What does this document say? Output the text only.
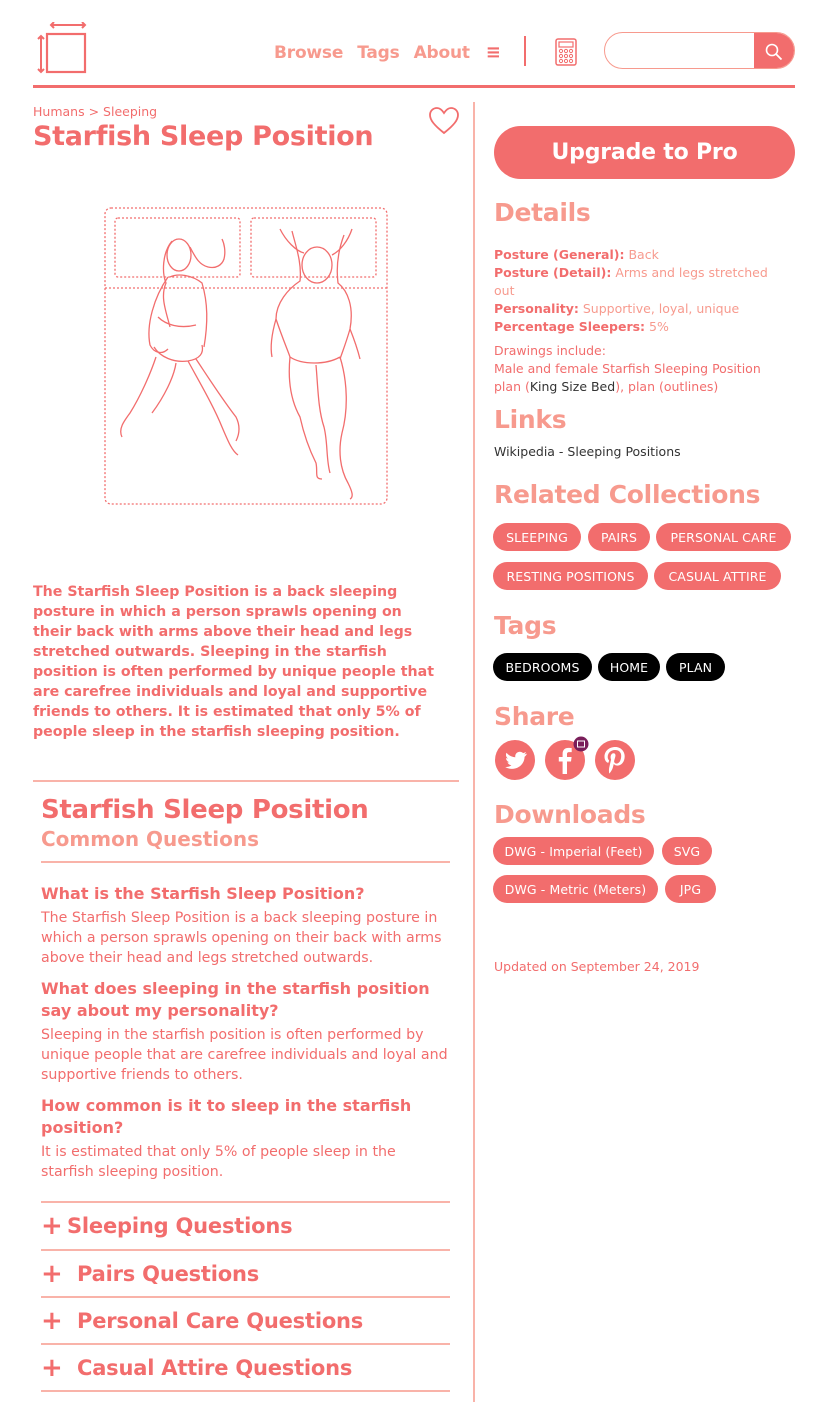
Browse Tags About ≡
Humans > Sleeping
Starfish Sleep Position

The Starfish Sleep Position is a back sleeping posture in which a person sprawls opening on their back with arms above their head and legs stretched outwards. Sleeping in the starfish position is often performed by unique people that are carefree individuals and loyal and supportive friends to others. It is estimated that only 5% of people sleep in the starfish sleeping position.

Starfish Sleep Position
Common Questions
What is the Starfish Sleep Position?
The Starfish Sleep Position is a back sleeping posture in which a person sprawls opening on their back with arms above their head and legs stretched outwards.
What does sleeping in the starfish position say about my personality?
Sleeping in the starfish position is often performed by unique people that are carefree individuals and loyal and supportive friends to others.
How common is it to sleep in the starfish position?
It is estimated that only 5% of people sleep in the starfish sleeping position.
+ Sleeping Questions
+ Pairs Questions
+ Personal Care Questions
+ Casual Attire Questions
Upgrade to Pro
Details
Posture (General): Back
Posture (Detail): Arms and legs stretched out
Personality: Supportive, loyal, unique
Percentage Sleepers: 5%
Drawings include:
Male and female Starfish Sleeping Position plan (King Size Bed), plan (outlines)
Links
Wikipedia - Sleeping Positions
Related Collections
SLEEPING	PAIRS	PERSONAL CARE
RESTING POSITIONS	CASUAL ATTIRE
Tags
BEDROOMS	HOME	PLAN
Share
Downloads
DWG - Imperial (Feet)	SVG
DWG - Metric (Meters)	JPG
Updated on September 24, 2019
